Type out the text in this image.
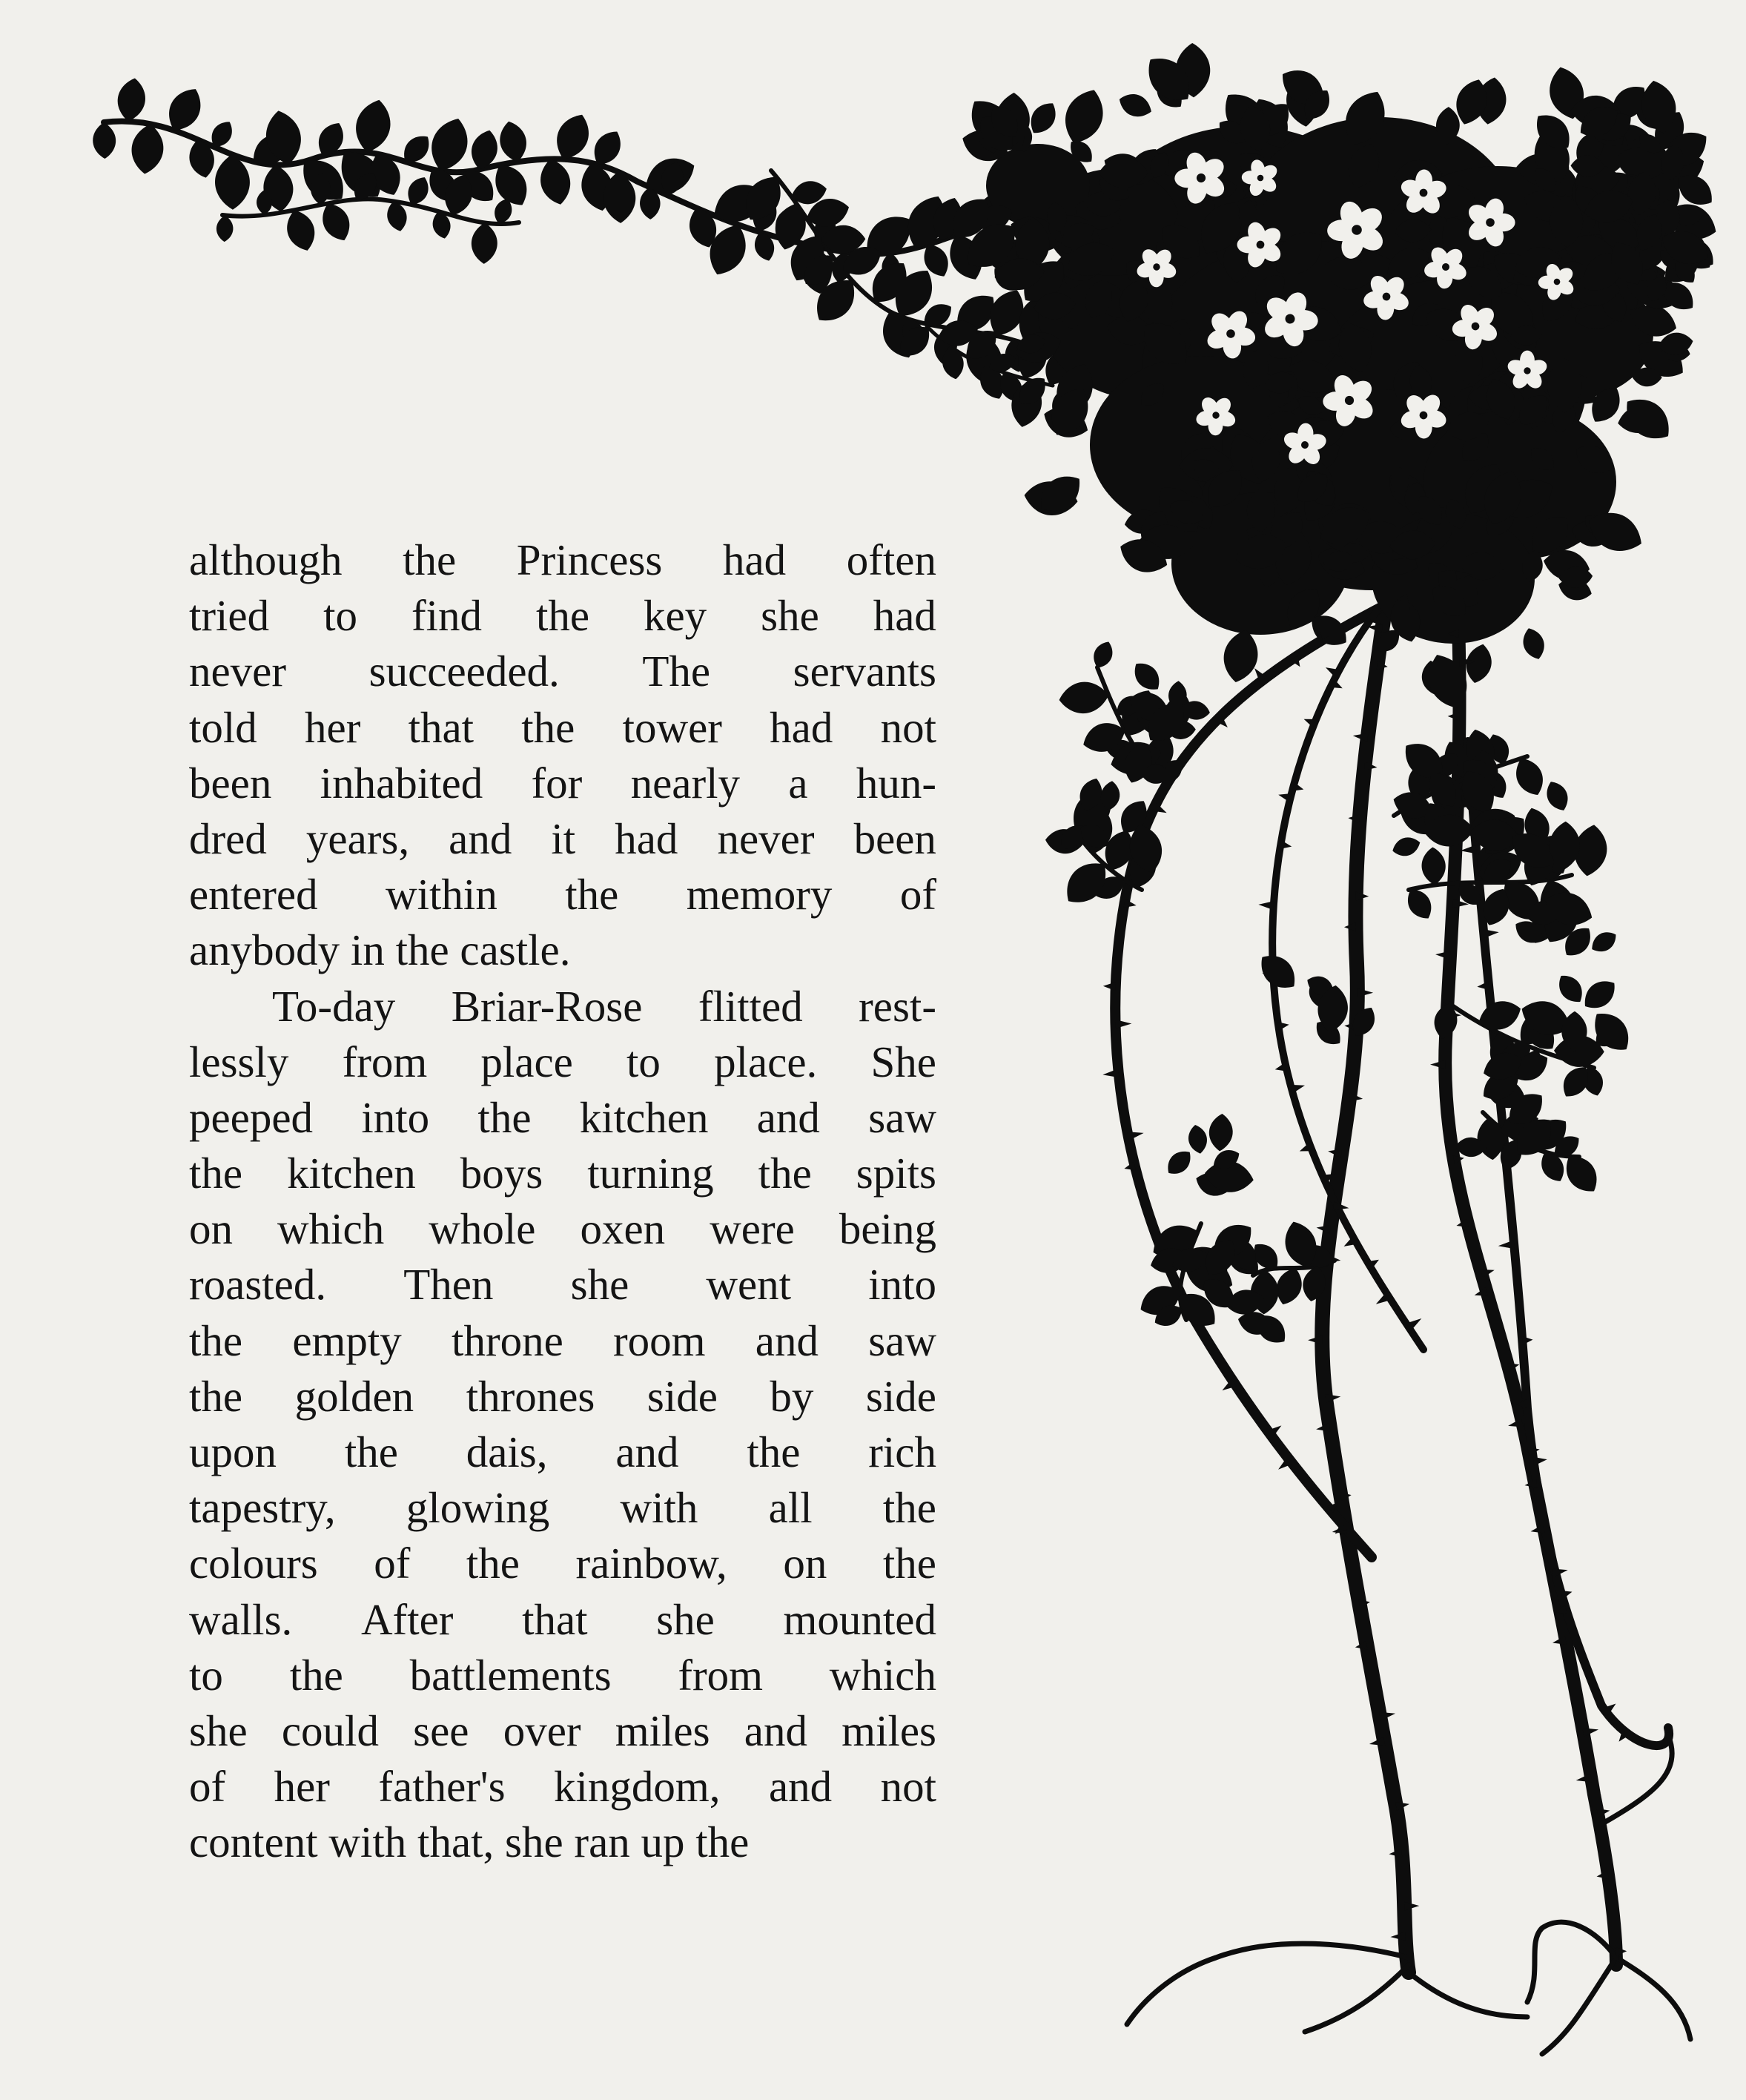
although the Princess had often
tried to find the key she had
never succeeded. The servants
told her that the tower had not
been inhabited for nearly a hun-
dred years, and it had never been
entered within the memory of
anybody in the castle.
To-day Briar-Rose flitted rest-
lessly from place to place. She
peeped into the kitchen and saw
the kitchen boys turning the spits
on which whole oxen were being
roasted. Then she went into
the empty throne room and saw
the golden thrones side by side
upon the dais, and the rich
tapestry, glowing with all the
colours of the rainbow, on the
walls. After that she mounted
to the battlements from which
she could see over miles and miles
of her father's kingdom, and not
content with that, she ran up the
